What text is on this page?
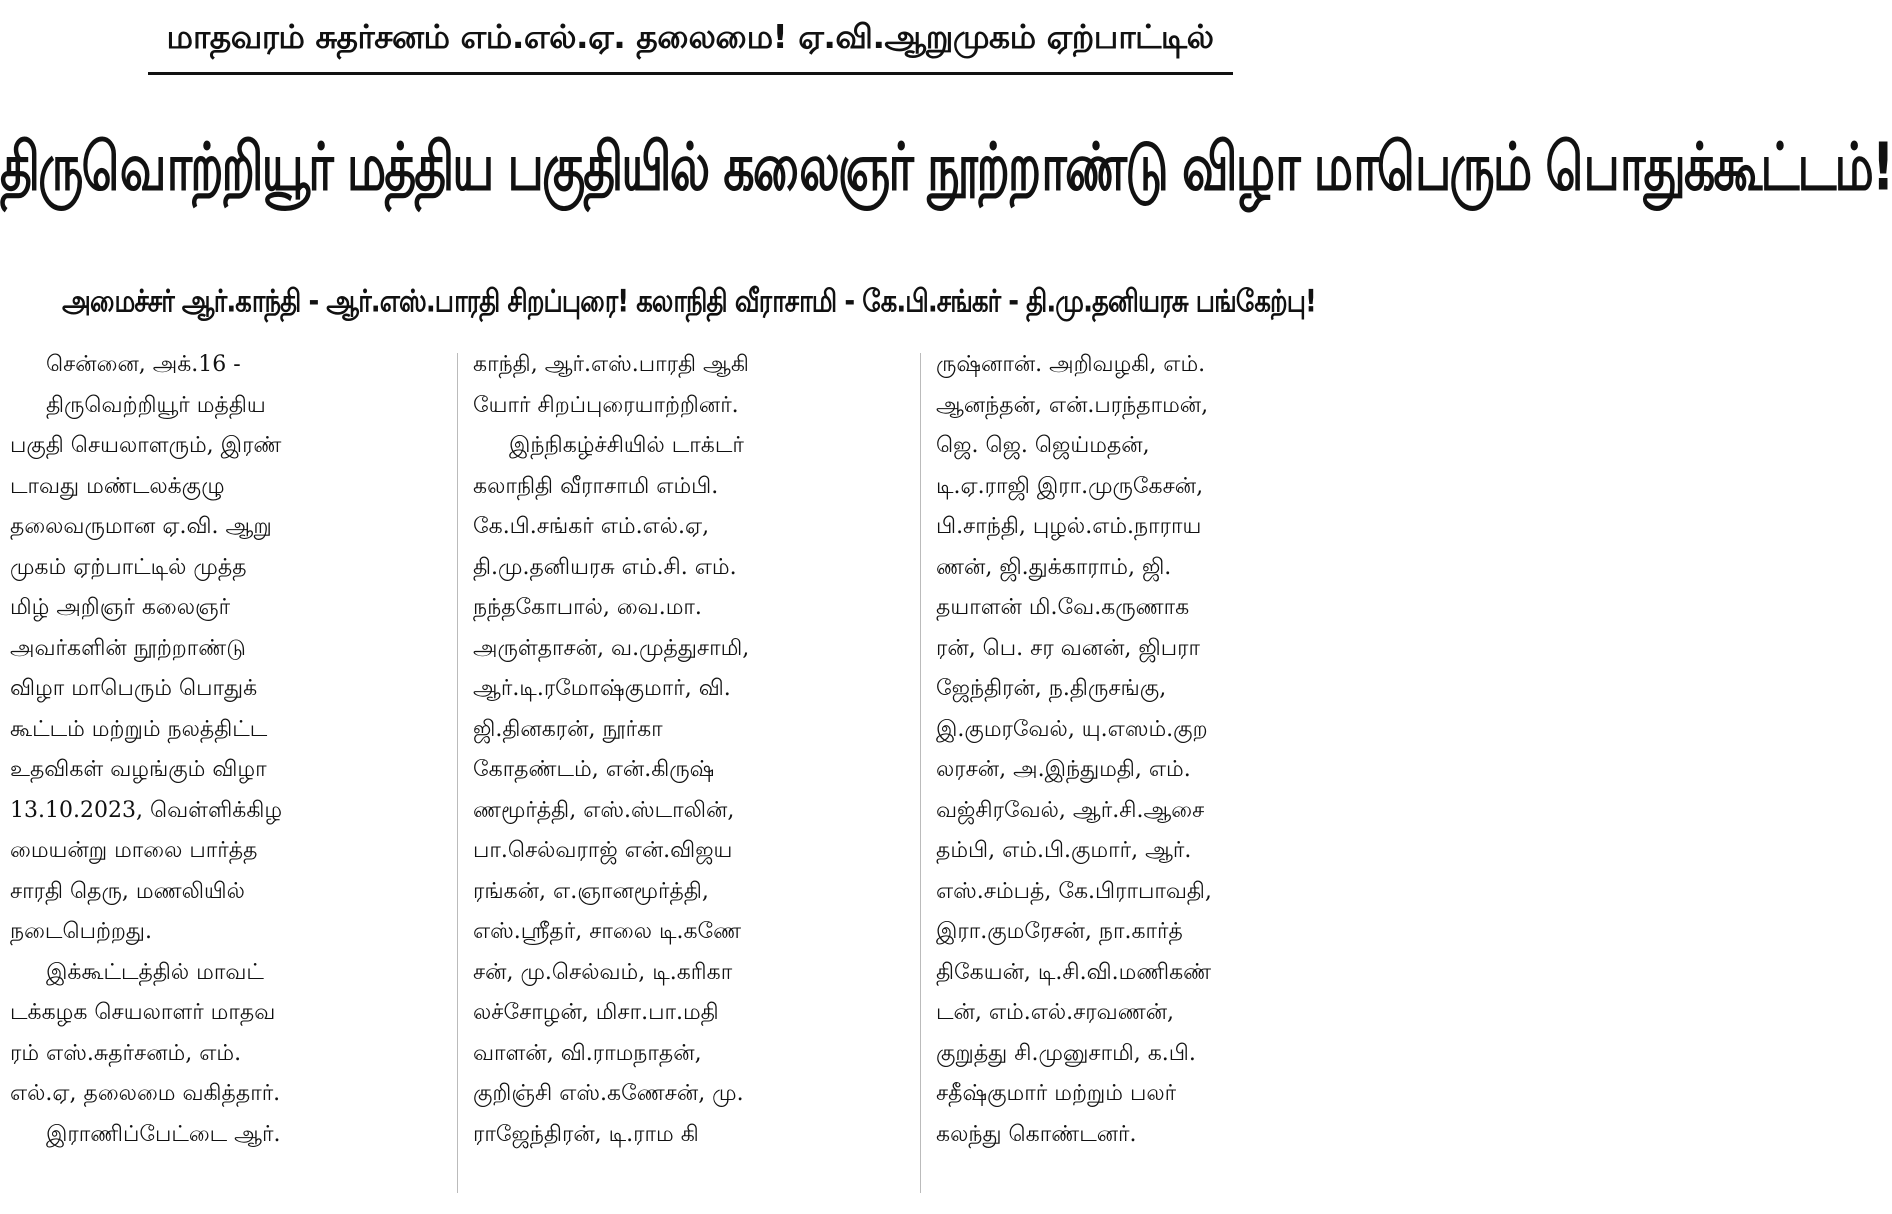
மாதவரம் சுதர்சனம் எம்.எல்.ஏ. தலைமை! ஏ.வி.ஆறுமுகம் ஏற்பாட்டில்
திருவொற்றியூர் மத்திய பகுதியில் கலைஞர் நூற்றாண்டு விழா மாபெரும் பொதுக்கூட்டம்!
அமைச்சர் ஆர்.காந்தி - ஆர்.எஸ்.பாரதி சிறப்புரை! கலாநிதி வீராசாமி - கே.பி.சங்கர் - தி.மு.தனியரசு பங்கேற்பு!

சென்னை, அக்.16 -

திருவெற்றியூர் மத்திய

பகுதி செயலாளரும், இரண்

டாவது மண்டலக்குழு

தலைவருமான ஏ.வி. ஆறு

முகம் ஏற்பாட்டில் முத்த

மிழ் அறிஞர் கலைஞர்

அவர்களின் நூற்றாண்டு

விழா மாபெரும் பொதுக்

கூட்டம் மற்றும் நலத்திட்ட

உதவிகள் வழங்கும் விழா

13.10.2023, வெள்ளிக்கிழ

மையன்று மாலை பார்த்த

சாரதி தெரு, மணலியில்

நடைபெற்றது.

இக்கூட்டத்தில் மாவட்

டக்கழக செயலாளர் மாதவ

ரம் எஸ்.சுதர்சனம், எம்.

எல்.ஏ, தலைமை வகித்தார்.

இராணிப்பேட்டை ஆர்.

காந்தி, ஆர்.எஸ்.பாரதி ஆகி

யோர் சிறப்புரையாற்றினர்.

இந்நிகழ்ச்சியில் டாக்டர்

கலாநிதி வீராசாமி எம்பி.

கே.பி.சங்கர் எம்.எல்.ஏ,

தி.மு.தனியரசு எம்.சி. எம்.

நந்தகோபால், வை.மா.

அருள்தாசன், வ.முத்துசாமி,

ஆர்.டி.ரமோஷ்குமார், வி.

ஜி.தினகரன், நூர்கா

கோதண்டம், என்.கிருஷ்

ணமூர்த்தி, எஸ்.ஸ்டாலின்,

பா.செல்வராஜ் என்.விஜய

ரங்கன், எ.ஞானமூர்த்தி,

எஸ்.ஸ்ரீதர், சாலை டி.கணே

சன், மு.செல்வம், டி.கரிகா

லச்சோழன், மிசா.பா.மதி

வாளன், வி.ராமநாதன்,

குறிஞ்சி எஸ்.கணேசன், மு.

ராஜேந்திரன், டி.ராம கி

ருஷ்னான். அறிவழகி, எம்.

ஆனந்தன், என்.பரந்தாமன்,

ஜெ. ஜெ. ஜெய்மதன்,

டி.ஏ.ராஜி இரா.முருகேசன்,

பி.சாந்தி, புழல்.எம்.நாராய

ணன், ஜி.துக்காராம், ஜி.

தயாளன் மி.வே.கருணாக

ரன், பெ. சர வனன், ஜிபரா

ஜேந்திரன், ந.திருசங்கு,

இ.குமரவேல், யு.எஸம்.குற

லரசன், அ.இந்துமதி, எம்.

வஜ்சிரவேல், ஆர்.சி.ஆசை

தம்பி, எம்.பி.குமார், ஆர்.

எஸ்.சம்பத், கே.பிராபாவதி,

இரா.குமரேசன், நா.கார்த்

திகேயன், டி.சி.வி.மணிகண்

டன், எம்.எல்.சரவணன்,

குறுத்து சி.முனுசாமி, க.பி.

சதீஷ்குமார் மற்றும் பலர்

கலந்து கொண்டனர்.
